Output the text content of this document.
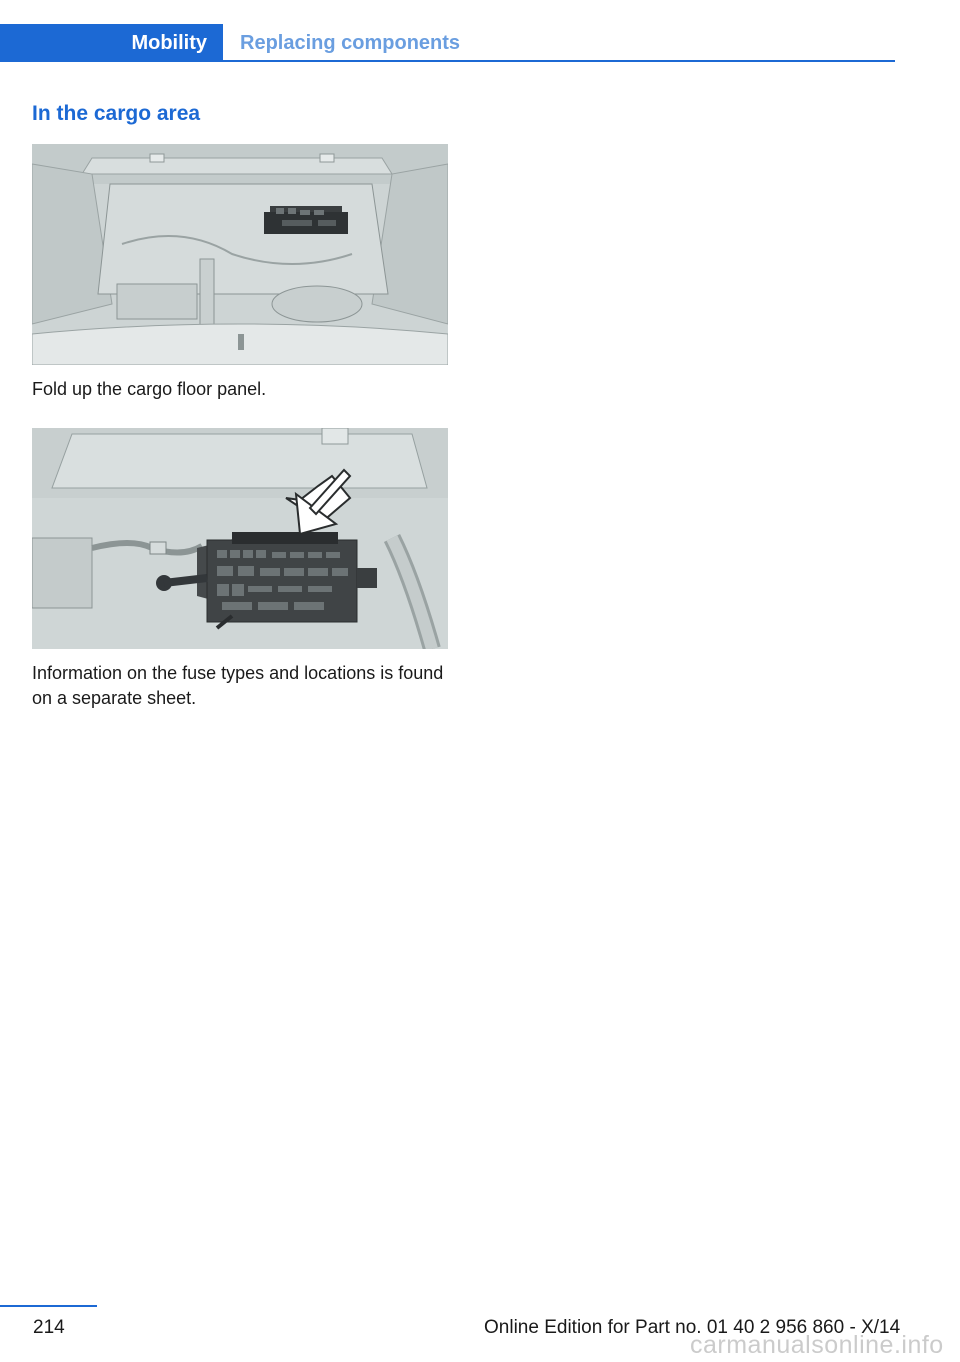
Mobility	Replacing components
In the cargo area

Fold up the cargo floor panel.

Information on the fuse types and locations is found on a separate sheet.

214	Online Edition for Part no. 01 40 2 956 860 - X/14
carmanualsonline.info
